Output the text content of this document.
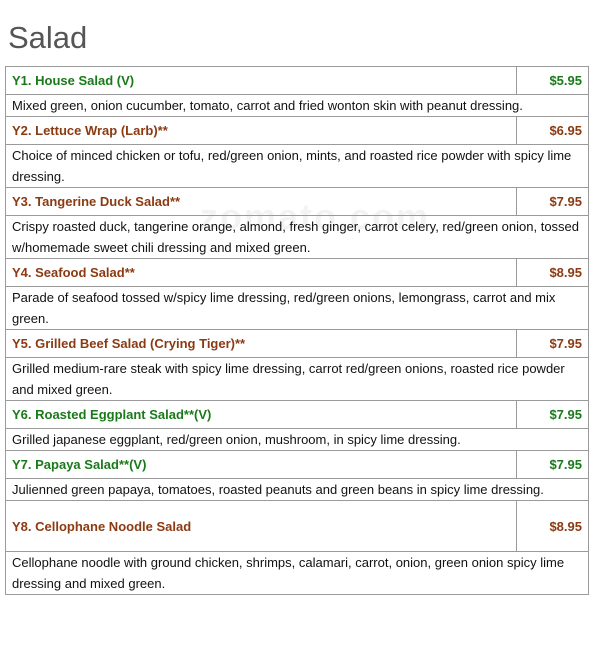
Salad
Y1. House Salad (V)	$5.95
Mixed green, onion cucumber, tomato, carrot and fried wonton skin with peanut dressing.	
Y2. Lettuce Wrap (Larb)**	$6.95
Choice of minced chicken or tofu, red/green onion, mints, and roasted rice powder with spicy lime dressing.	
Y3. Tangerine Duck Salad**	$7.95
Crispy roasted duck, tangerine orange, almond, fresh ginger, carrot celery, red/green onion, tossed w/homemade sweet chili dressing and mixed green.	
Y4. Seafood Salad**	$8.95
Parade of seafood tossed w/spicy lime dressing, red/green onions, lemongrass, carrot and mix green.	
Y5. Grilled Beef Salad (Crying Tiger)**	$7.95
Grilled medium-rare steak with spicy lime dressing, carrot red/green onions, roasted rice powder and mixed green.	
Y6. Roasted Eggplant Salad**(V)	$7.95
Grilled japanese eggplant, red/green onion, mushroom, in spicy lime dressing.	
Y7. Papaya Salad**(V)	$7.95
Julienned green papaya, tomatoes, roasted peanuts and green beans in spicy lime dressing.	
Y8. Cellophane Noodle Salad	$8.95
Cellophane noodle with ground chicken, shrimps, calamari, carrot, onion, green onion spicy lime dressing and mixed green.	
